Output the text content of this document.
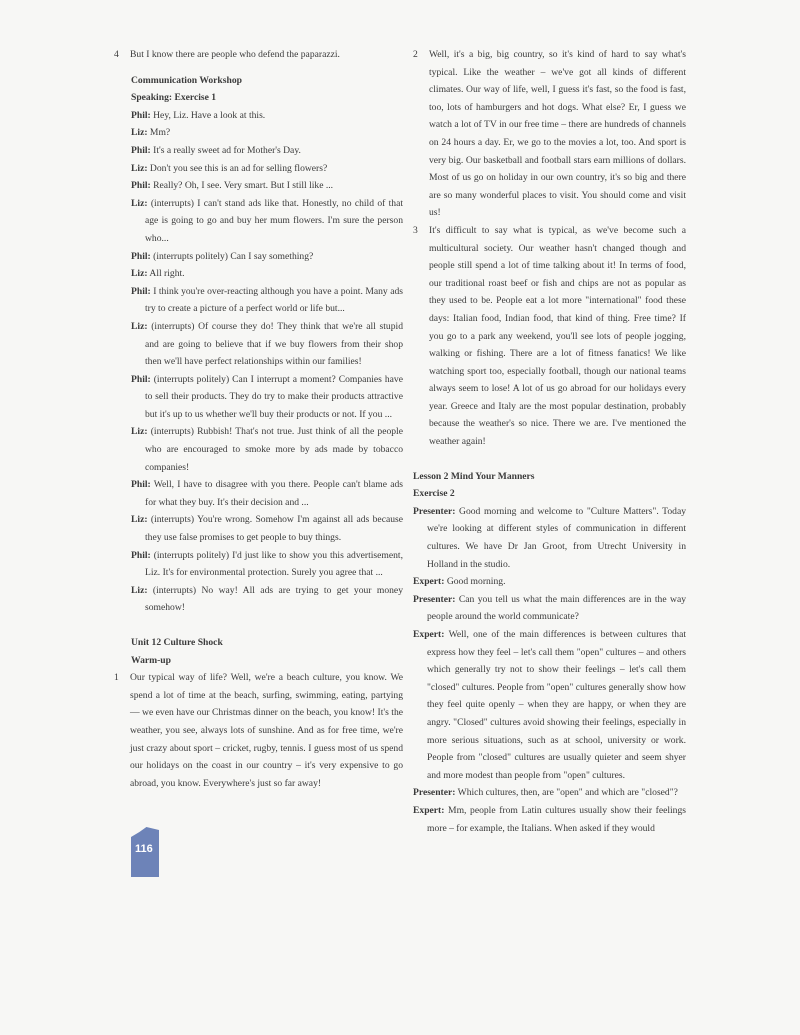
4	But I know there are people who defend the paparazzi.

Communication Workshop

Speaking: Exercise 1

Phil: Hey, Liz. Have a look at this.

Liz: Mm?

Phil: It's a really sweet ad for Mother's Day.

Liz: Don't you see this is an ad for selling flowers?

Phil: Really? Oh, I see. Very smart. But I still like ...

Liz: (interrupts) I can't stand ads like that. Honestly, no child of that age is going to go and buy her mum flowers. I'm sure the person who...

Phil: (interrupts politely) Can I say something?

Liz: All right.

Phil: I think you're over-reacting although you have a point. Many ads try to create a picture of a perfect world or life but...

Liz: (interrupts) Of course they do! They think that we're all stupid and are going to believe that if we buy flowers from their shop then we'll have perfect relationships within our families!

Phil: (interrupts politely) Can I interrupt a moment? Companies have to sell their products. They do try to make their products attractive but it's up to us whether we'll buy their products or not. If you ...

Liz: (interrupts) Rubbish! That's not true. Just think of all the people who are encouraged to smoke more by ads made by tobacco companies!

Phil: Well, I have to disagree with you there. People can't blame ads for what they buy. It's their decision and ...

Liz: (interrupts) You're wrong. Somehow I'm against all ads because they use false promises to get people to buy things.

Phil: (interrupts politely) I'd just like to show you this advertisement, Liz. It's for environmental protection. Surely you agree that ...

Liz: (interrupts) No way! All ads are trying to get your money somehow!

Unit 12 Culture Shock

Warm-up

1	Our typical way of life? Well, we're a beach culture, you know. We spend a lot of time at the beach, surfing, swimming, eating, partying — we even have our Christmas dinner on the beach, you know! It's the weather, you see, always lots of sunshine. And as for free time, we're just crazy about sport – cricket, rugby, tennis. I guess most of us spend our holidays on the coast in our country – it's very expensive to go abroad, you know. Everywhere's just so far away!

2	Well, it's a big, big country, so it's kind of hard to say what's typical. Like the weather – we've got all kinds of different climates. Our way of life, well, I guess it's fast, so the food is fast, too, lots of hamburgers and hot dogs. What else? Er, I guess we watch a lot of TV in our free time – there are hundreds of channels on 24 hours a day. Er, we go to the movies a lot, too. And sport is very big. Our basketball and football stars earn millions of dollars. Most of us go on holiday in our own country, it's so big and there are so many wonderful places to visit. You should come and visit us!

3	It's difficult to say what is typical, as we've become such a multicultural society. Our weather hasn't changed though and people still spend a lot of time talking about it! In terms of food, our traditional roast beef or fish and chips are not as popular as they used to be. People eat a lot more "international" food these days: Italian food, Indian food, that kind of thing. Free time? If you go to a park any weekend, you'll see lots of people jogging, walking or fishing. There are a lot of fitness fanatics! We like watching sport too, especially football, though our national teams always seem to lose! A lot of us go abroad for our holidays every year. Greece and Italy are the most popular destination, probably because the weather's so nice. There we are. I've mentioned the weather again!

Lesson 2 Mind Your Manners

Exercise 2

Presenter: Good morning and welcome to "Culture Matters". Today we're looking at different styles of communication in different cultures. We have Dr Jan Groot, from Utrecht University in Holland in the studio.

Expert: Good morning.

Presenter: Can you tell us what the main differences are in the way people around the world communicate?

Expert: Well, one of the main differences is between cultures that express how they feel – let's call them "open" cultures – and others which generally try not to show their feelings – let's call them "closed" cultures. People from "open" cultures generally show how they feel quite openly – when they are happy, or when they are angry. "Closed" cultures avoid showing their feelings, especially in more serious situations, such as at school, university or work. People from "closed" cultures are usually quieter and seem shyer and more modest than people from "open" cultures.

Presenter: Which cultures, then, are "open" and which are "closed"?

Expert: Mm, people from Latin cultures usually show their feelings more – for example, the Italians. When asked if they would

116
